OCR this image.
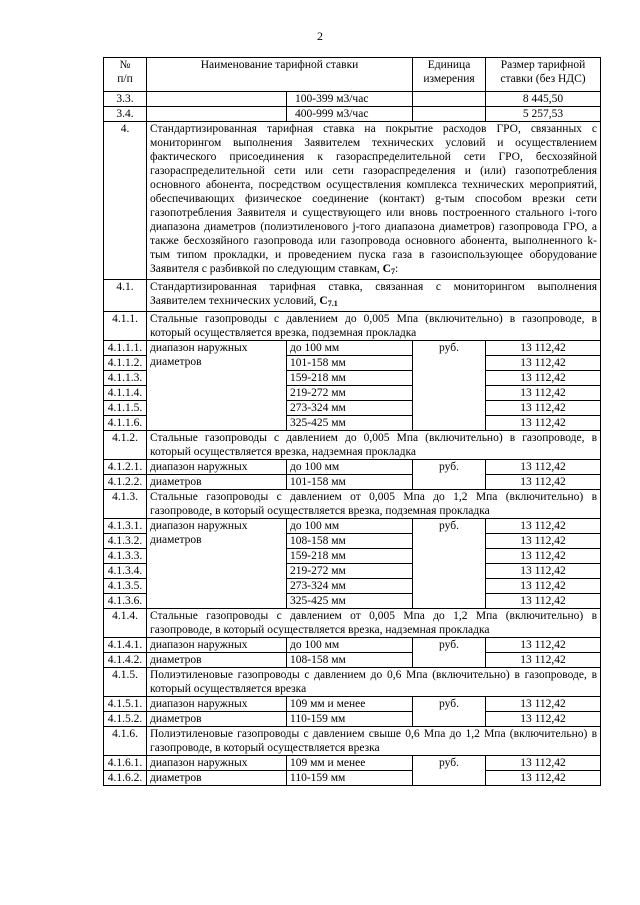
2
№
п/п	Наименование тарифной ставки		Единица измерения	Размер тарифной ставки (без НДС)
3.3.		100-399 м3/час		8 445,50
3.4.		400-999 м3/час		5 257,53
4.	Стандартизированная тарифная ставка на покрытие расходов ГРО, связанных с мониторингом выполнения Заявителем технических условий и осуществлением фактического присоединения к газораспределительной сети ГРО, бесхозяйной газораспределительной сети или сети газораспределения и (или) газопотребления основного абонента, посредством осуществления комплекса технических мероприятий, обеспечивающих физическое соединение (контакт) g-тым способом врезки сети газопотребления Заявителя и существующего или вновь построенного стального i-того диапазона диаметров (полиэтиленового j-того диапазона диаметров) газопровода ГРО, а также бесхозяйного газопровода или газопровода основного абонента, выполненного k-тым типом прокладки, и проведением пуска газа в газоиспользующее оборудование Заявителя с разбивкой по следующим ставкам, $С_7$:			
4.1.	Стандартизированная тарифная ставка, связанная с мониторингом выполнения Заявителем технических условий, $С_{7.1}$
4.1.1.	Стальные газопроводы с давлением до 0,005 Мпа (включительно) в газопроводе, в который осуществляется врезка, подземная прокладка			
4.1.1.1.	диапазон наружных диаметров	до 100 мм	руб.	13 112,42
4.1.1.2.		101-158 мм		13 112,42
4.1.1.3.		159-218 мм		13 112,42
4.1.1.4.		219-272 мм		13 112,42
4.1.1.5.		273-324 мм		13 112,42
4.1.1.6.		325-425 мм		13 112,42
4.1.2.	Стальные газопроводы с давлением до 0,005 Мпа (включительно) в газопроводе, в который осуществляется врезка, надземная прокладка			
4.1.2.1.	диапазон наружных	до 100 мм	руб.	13 112,42
4.1.2.2.	диаметров	101-158 мм		13 112,42
4.1.3.	Стальные газопроводы с давлением от 0,005 Мпа до 1,2 Мпа (включительно) в газопроводе, в который осуществляется врезка, подземная прокладка			
4.1.3.1.	диапазон наружных диаметров	до 100 мм	руб.	13 112,42
4.1.3.2.		108-158 мм		13 112,42
4.1.3.3.		159-218 мм		13 112,42
4.1.3.4.		219-272 мм		13 112,42
4.1.3.5.		273-324 мм		13 112,42
4.1.3.6.		325-425 мм		13 112,42
4.1.4.	Стальные газопроводы с давлением от 0,005 Мпа до 1,2 Мпа (включительно) в газопроводе, в который осуществляется врезка, надземная прокладка			
4.1.4.1.	диапазон наружных	до 100 мм	руб.	13 112,42
4.1.4.2.	диаметров	108-158 мм		13 112,42
4.1.5.	Полиэтиленовые газопроводы с давлением до 0,6 Мпа (включительно) в газопроводе, в который осуществляется врезка			
4.1.5.1.	диапазон наружных	109 мм и менее	руб.	13 112,42
4.1.5.2.	диаметров	110-159 мм		13 112,42
4.1.6.	Полиэтиленовые газопроводы с давлением свыше 0,6 Мпа до 1,2 Мпа (включительно) в газопроводе, в который осуществляется врезка			
4.1.6.1.	диапазон наружных	109 мм и менее	руб.	13 112,42
4.1.6.2.	диаметров	110-159 мм		13 112,42
